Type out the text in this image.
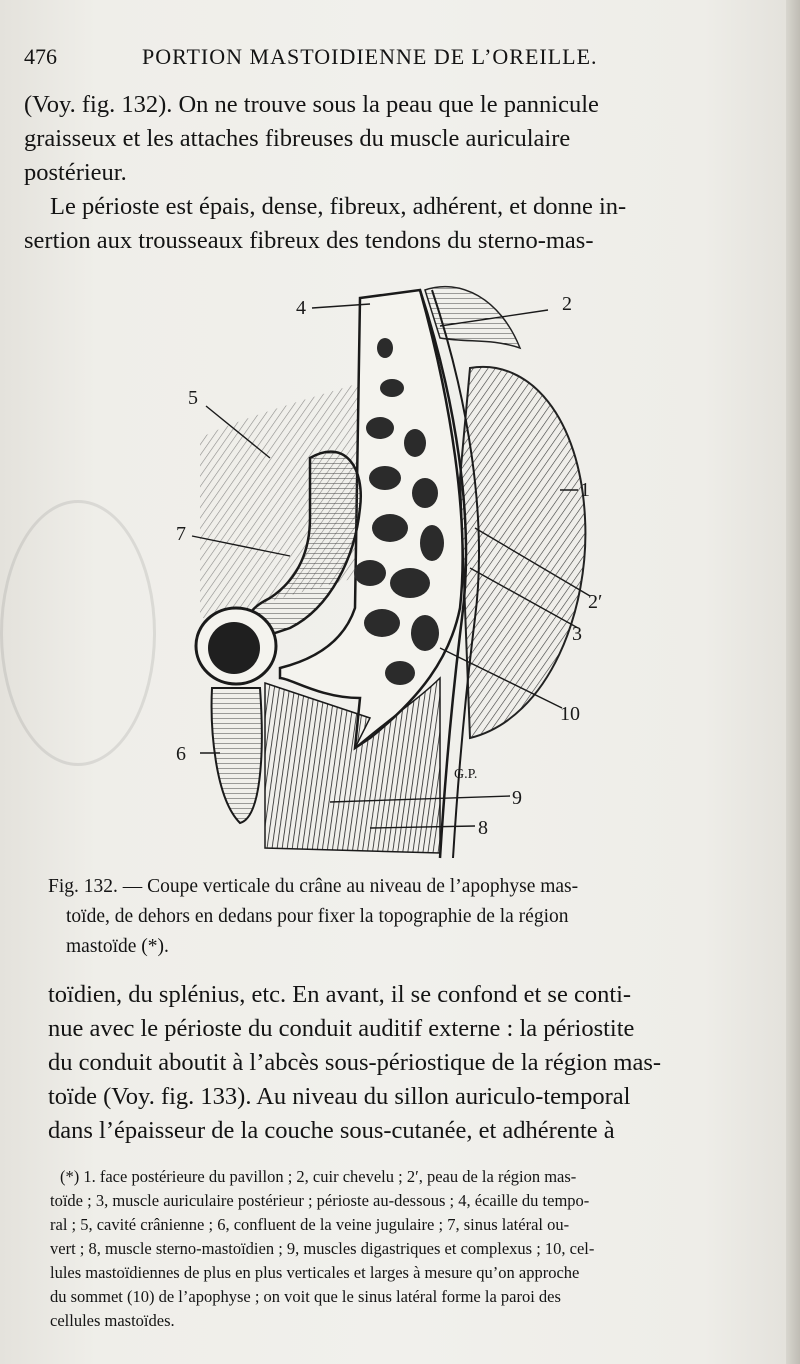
476	PORTION MASTOIDIENNE DE L’OREILLE.
(Voy. fig. 132). On ne trouve sous la peau que le pannicule
graisseux et les attaches fibreuses du muscle auriculaire
postérieur.
Le périoste est épais, dense, fibreux, adhérent, et donne in-
sertion aux trousseaux fibreux des tendons du sterno-mas-
4	2
5
1
7
2′
3
10
6
G.P.
9
8
Fig. 132. — Coupe verticale du crâne au niveau de l’apophyse mas-
toïde, de dehors en dedans pour fixer la topographie de la région
mastoïde (*).
toïdien, du splénius, etc. En avant, il se confond et se conti-
nue avec le périoste du conduit auditif externe : la périostite
du conduit aboutit à l’abcès sous-périostique de la région mas-
toïde (Voy. fig. 133). Au niveau du sillon auriculo-temporal
dans l’épaisseur de la couche sous-cutanée, et adhérente à
(*) 1. face postérieure du pavillon ; 2, cuir chevelu ; 2′, peau de la région mas-
toïde ; 3, muscle auriculaire postérieur ; périoste au-dessous ; 4, écaille du tempo-
ral ; 5, cavité crânienne ; 6, confluent de la veine jugulaire ; 7, sinus latéral ou-
vert ; 8, muscle sterno-mastoïdien ; 9, muscles digastriques et complexus ; 10, cel-
lules mastoïdiennes de plus en plus verticales et larges à mesure qu’on approche
du sommet (10) de l’apophyse ; on voit que le sinus latéral forme la paroi des
cellules mastoïdes.
